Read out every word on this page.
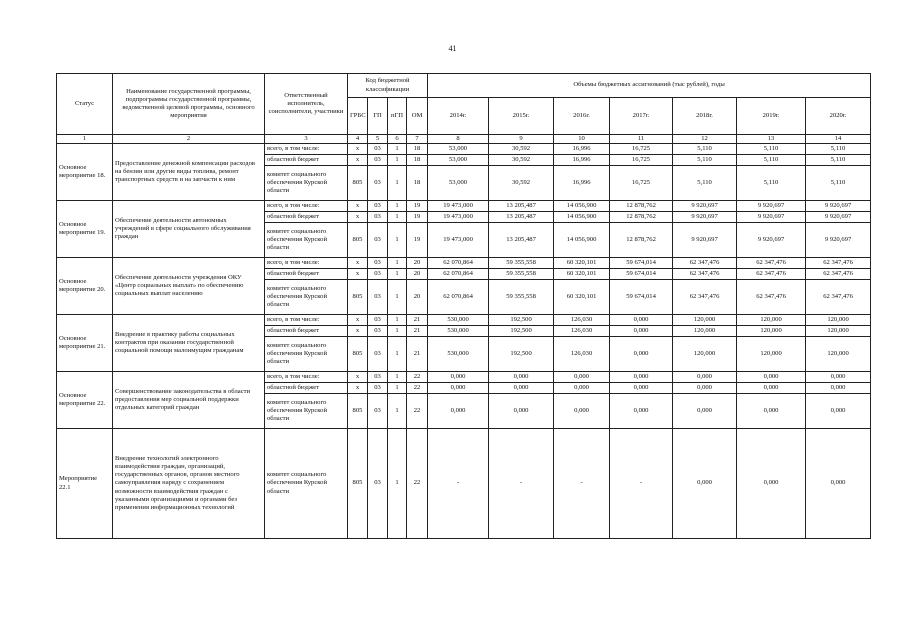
41
Статус	Наименование государственной программы, подпрограммы государственной программы, ведомственной целевой программы, основного мероприятия	Ответственный исполнитель, соисполнители, участники	Код бюджетной классификации				Объемы бюджетных ассигнований (тыс рублей), годы						
			ГРБС	ГП	пГП	ОМ	2014г.	2015г.	2016г.	2017г.	2018г.	2019г.	2020г.
1	2	3	4	5	6	7	8	9	10	11	12	13	14
Основное мероприятие 18.	Предоставление денежной компенсации расходов на бензин или другие виды топлива, ремонт транспортных средств и на запчасти к ним	всего, в том числе:	х	03	1	18	53,000	30,592	16,996	16,725	5,110	5,110	5,110
		областной бюджет	х	03	1	18	53,000	30,592	16,996	16,725	5,110	5,110	5,110
		комитет социального обеспечения Курской области	805	03	1	18	53,000	30,592	16,996	16,725	5,110	5,110	5,110
Основное мероприятие 19.	Обеспечение деятельности автономных учреждений в сфере социального обслуживания граждан	всего, в том числе:	х	03	1	19	19 473,000	13 205,487	14 056,900	12 878,762	9 920,697	9 920,697	9 920,697
		областной бюджет	х	03	1	19	19 473,000	13 205,487	14 056,900	12 878,762	9 920,697	9 920,697	9 920,697
		комитет социального обеспечения Курской области	805	03	1	19	19 473,000	13 205,487	14 056,900	12 878,762	9 920,697	9 920,697	9 920,697
Основное мероприятие 20.	Обеспечение деятельности учреждения ОКУ «Центр социальных выплат» по обеспечению социальных выплат населению	всего, в том числе:	х	03	1	20	62 070,864	59 355,558	60 320,101	59 674,014	62 347,476	62 347,476	62 347,476
		областной бюджет	х	03	1	20	62 070,864	59 355,558	60 320,101	59 674,014	62 347,476	62 347,476	62 347,476
		комитет социального обеспечения Курской области	805	03	1	20	62 070,864	59 355,558	60 320,101	59 674,014	62 347,476	62 347,476	62 347,476
Основное мероприятие 21.	Внедрение в практику работы социальных контрактов при оказании государственной социальной помощи малоимущим гражданам	всего, в том числе:	х	03	1	21	530,000	192,500	126,030	0,000	120,000	120,000	120,000
		областной бюджет	х	03	1	21	530,000	192,500	126,030	0,000	120,000	120,000	120,000
		комитет социального обеспечения Курской области	805	03	1	21	530,000	192,500	126,030	0,000	120,000	120,000	120,000
Основное мероприятие 22.	Совершенствование законодательства в области предоставления мер социальной поддержки отдельных категорий граждан	всего, в том числе:	х	03	1	22	0,000	0,000	0,000	0,000	0,000	0,000	0,000
		областной бюджет	х	03	1	22	0,000	0,000	0,000	0,000	0,000	0,000	0,000
		комитет социального обеспечения Курской области	805	03	1	22	0,000	0,000	0,000	0,000	0,000	0,000	0,000
Мероприятие 22.1	Внедрение технологий электронного взаимодействия граждан, организаций, государственных органов, органов местного самоуправления наряду с сохранением возможности взаимодействия граждан с указанными организациями и органами без применения информационных технологий	комитет социального обеспечения Курской области	805	03	1	22	-	-	-	-	0,000	0,000	0,000
